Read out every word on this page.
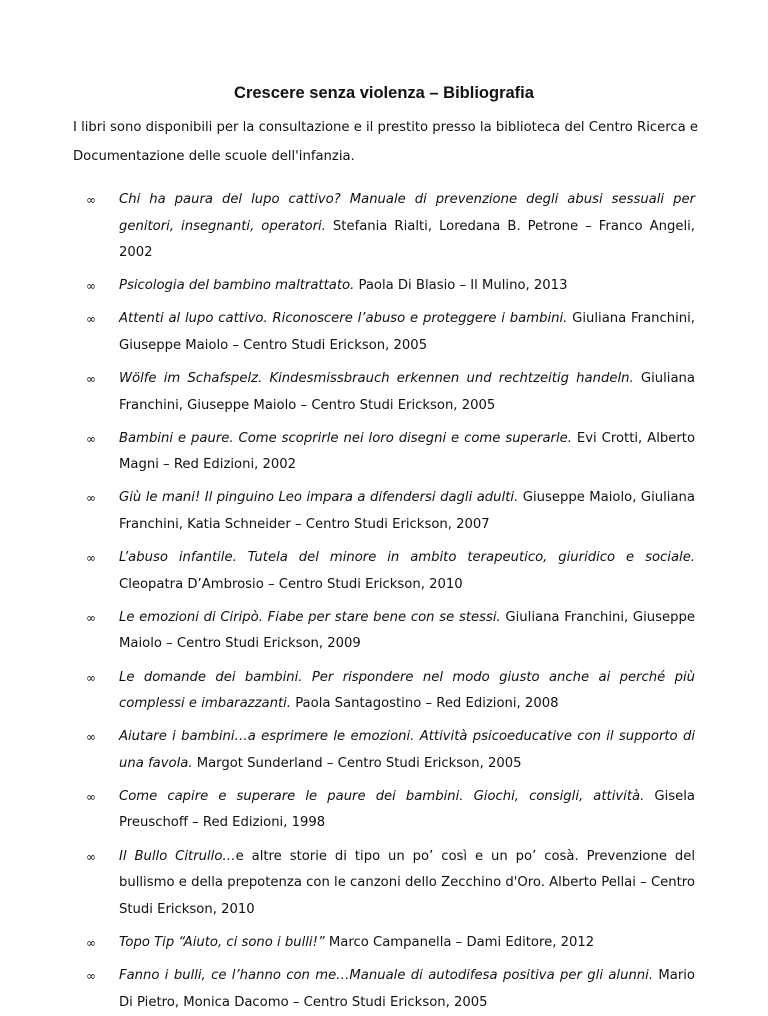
Crescere senza violenza – Bibliografia
I libri sono disponibili per la consultazione e il prestito presso la biblioteca del Centro Ricerca e Documentazione delle scuole dell'infanzia.
∞ Chi ha paura del lupo cattivo? Manuale di prevenzione degli abusi sessuali per genitori, insegnanti, operatori. Stefania Rialti, Loredana B. Petrone – Franco Angeli, 2002
∞ Psicologia del bambino maltrattato. Paola Di Blasio – Il Mulino, 2013
∞ Attenti al lupo cattivo. Riconoscere l’abuso e proteggere i bambini. Giuliana Franchini, Giuseppe Maiolo – Centro Studi Erickson, 2005
∞ Wölfe im Schafspelz. Kindesmissbrauch erkennen und rechtzeitig handeln. Giuliana Franchini, Giuseppe Maiolo – Centro Studi Erickson, 2005
∞ Bambini e paure. Come scoprirle nei loro disegni e come superarle. Evi Crotti, Alberto Magni – Red Edizioni, 2002
∞ Giù le mani! Il pinguino Leo impara a difendersi dagli adulti. Giuseppe Maiolo, Giuliana Franchini, Katia Schneider – Centro Studi Erickson, 2007
∞ L’abuso infantile. Tutela del minore in ambito terapeutico, giuridico e sociale. Cleopatra D’Ambrosio – Centro Studi Erickson, 2010
∞ Le emozioni di Ciripò. Fiabe per stare bene con se stessi. Giuliana Franchini, Giuseppe Maiolo – Centro Studi Erickson, 2009
∞ Le domande dei bambini. Per rispondere nel modo giusto anche ai perché più complessi e imbarazzanti. Paola Santagostino – Red Edizioni, 2008
∞ Aiutare i bambini…a esprimere le emozioni. Attività psicoeducative con il supporto di una favola. Margot Sunderland – Centro Studi Erickson, 2005
∞ Come capire e superare le paure dei bambini. Giochi, consigli, attività. Gisela Preuschoff – Red Edizioni, 1998
∞ Il Bullo Citrullo…e altre storie di tipo un po’ così e un po’ cosà. Prevenzione del bullismo e della prepotenza con le canzoni dello Zecchino d'Oro. Alberto Pellai – Centro Studi Erickson, 2010
∞ Topo Tip “Aiuto, ci sono i bulli!” Marco Campanella – Dami Editore, 2012
∞ Fanno i bulli, ce l’hanno con me…Manuale di autodifesa positiva per gli alunni. Mario Di Pietro, Monica Dacomo – Centro Studi Erickson, 2005
